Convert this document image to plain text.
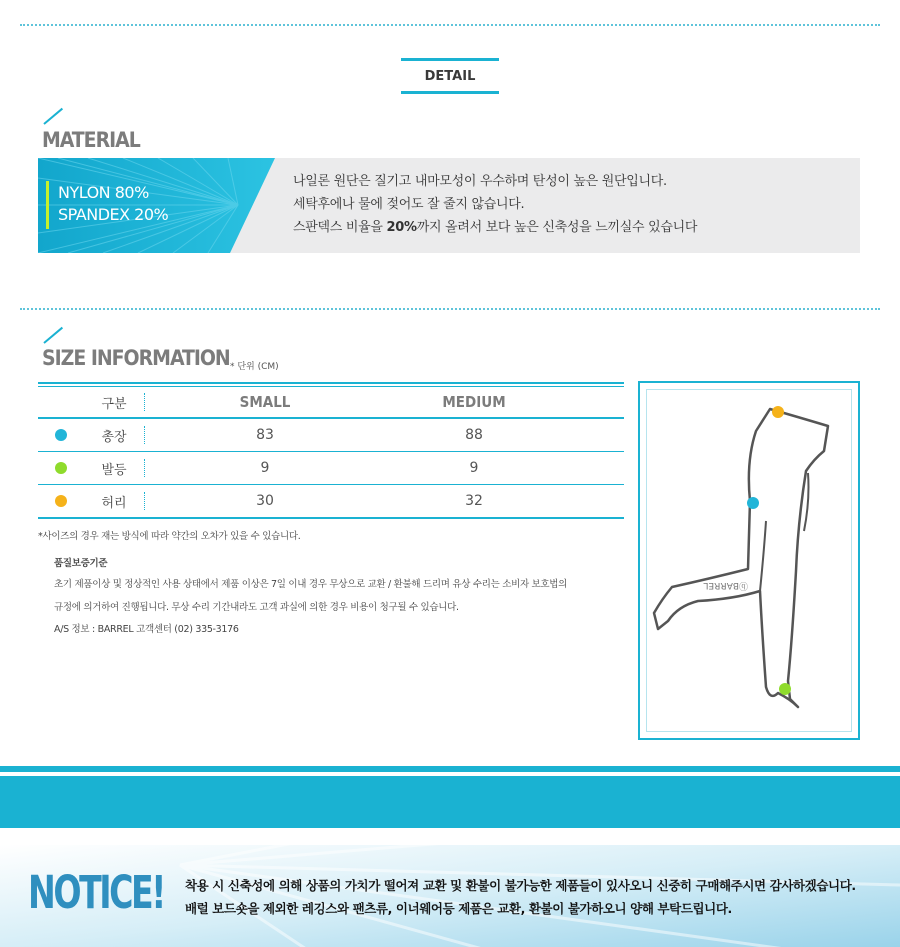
DETAIL
MATERIAL
NYLON 80%
SPANDEX 20%
나일론 원단은 질기고 내마모성이 우수하며 탄성이 높은 원단입니다.
세탁후에나 물에 젖어도 잘 줄지 않습니다.
스판덱스 비율을 20%까지 올려서 보다 높은 신축성을 느끼실수 있습니다
SIZE INFORMATION * 단위 (CM)
구분	SMALL	MEDIUM
총장	83	88
발등	9	9
허리	30	32
*사이즈의 경우 재는 방식에 따라 약간의 오차가 있을 수 있습니다.
품질보증기준
초기 제품이상 및 정상적인 사용 상태에서 제품 이상은 7일 이내 경우 무상으로 교환 / 환불해 드리며 유상 수리는 소비자 보호법의
규정에 의거하여 진행됩니다. 무상 수리 기간내라도 고객 과실에 의한 경우 비용이 청구될 수 있습니다.
A/S 정보 : BARREL 고객센터 (02) 335-3176
ⓑBARREL
NOTICE! 착용 시 신축성에 의해 상품의 가치가 떨어져 교환 및 환불이 불가능한 제품들이 있사오니 신중히 구매해주시면 감사하겠습니다.
배럴 보드숏을 제외한 레깅스와 팬츠류, 이너웨어등 제품은 교환, 환불이 불가하오니 양해 부탁드립니다.
